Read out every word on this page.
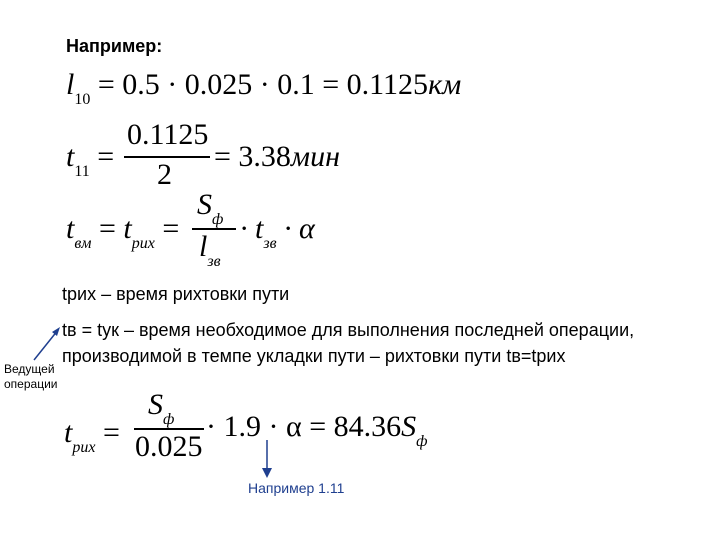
Например:
$l_{10} = 0.5 \cdot 0.025 \cdot 0.1 = 0.1125км$
$t_{11}$ =
0.1125
2
= 3.38мин
$t_{вм} = t_{рих}$ =
$S_ф$
$l_{зв}$
· $t_{зв} \cdot \alpha$
tрих – время рихтовки пути
tв = tук – время необходимое для выполнения последней операции,
производимой в темпе укладки пути – рихтовки пути tв=tрих
Ведущей
операции
$t_{рих}$ =
$S_ф$
0.025
· $1.9 \cdot \alpha = 84.36S_ф$
Например 1.11
